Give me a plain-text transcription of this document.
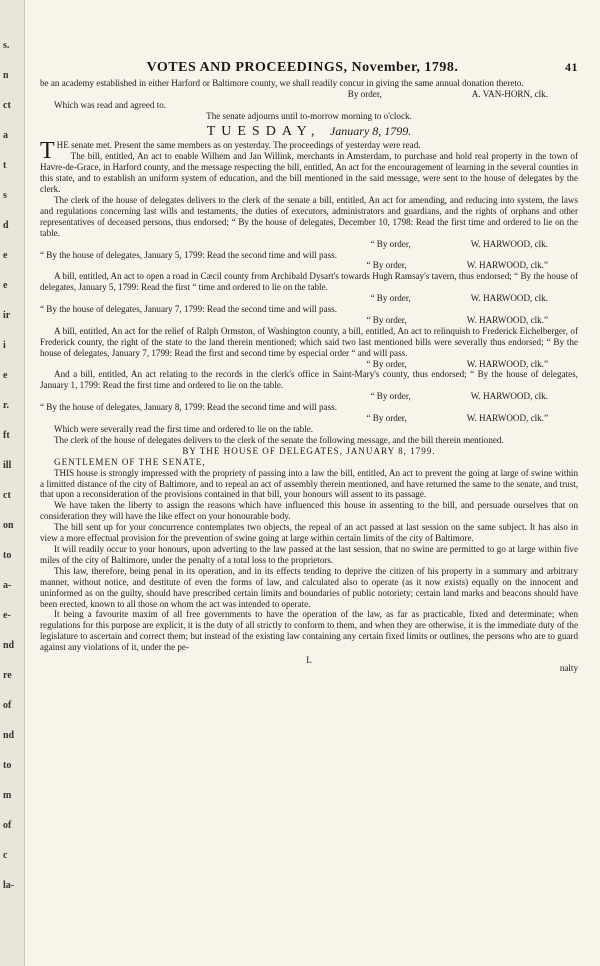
s.
n
ct
a
t
s
d
e
e
ir
i
e
r.
ft
ill
ct
on
to
a-
e-
nd
re
of
nd
to
m
of
c
la-
VOTES AND PROCEEDINGS, November, 1798.	41

be an academy established in either Harford or Baltimore county, we shall readily concur in giving the same annual donation thereto.

By order,	A. VAN-HORN, clk.

Which was read and agreed to.

The senate adjourns until to-morrow morning to o'clock.

TUESDAY, January 8, 1799.

THE senate met. Present the same members as on yesterday. The proceedings of yesterday were read.

The bill, entitled, An act to enable Wilhem and Jan Willink, merchants in Amsterdam, to purchase and hold real property in the town of Havre-de-Grace, in Harford county, and the message respecting the bill, entitled, An act for the encouragement of learning in the several counties in this state, and to establish an uniform system of education, and the bill mentioned in the said message, were sent to the house of delegates by the clerk.

The clerk of the house of delegates delivers to the clerk of the senate a bill, entitled, An act for amending, and reducing into system, the laws and regulations concerning last wills and testaments, the duties of executors, administrators and guardians, and the rights of orphans and other representatives of deceased persons, thus endorsed; “ By the house of delegates, December 10, 1798: Read the first time and ordered to lie on the table.

“ By order,	W. HARWOOD, clk.

“ By the house of delegates, January 5, 1799: Read the second time and will pass.

“ By order,	W. HARWOOD, clk.”

A bill, entitled, An act to open a road in Cæcil county from Archibald Dysart's towards Hugh Ramsay's tavern, thus endorsed; “ By the house of delegates, January 5, 1799: Read the first “ time and ordered to lie on the table.

“ By order,	W. HARWOOD, clk.

“ By the house of delegates, January 7, 1799: Read the second time and will pass.

“ By order,	W. HARWOOD, clk.”

A bill, entitled, An act for the relief of Ralph Ormston, of Washington county, a bill, entitled, An act to relinquish to Frederick Eichelberger, of Frederick county, the right of the state to the land therein mentioned; which said two last mentioned bills were severally thus endorsed; “ By the house of delegates, January 7, 1799: Read the first and second time by especial order “ and will pass.

“ By order,	W. HARWOOD, clk.”

And a bill, entitled, An act relating to the records in the clerk's office in Saint-Mary's county, thus endorsed; “ By the house of delegates, January 1, 1799: Read the first time and ordered to lie on the table.

“ By order,	W. HARWOOD, clk.

“ By the house of delegates, January 8, 1799: Read the second time and will pass.

“ By order,	W. HARWOOD, clk.”

Which were severally read the first time and ordered to lie on the table.

The clerk of the house of delegates delivers to the clerk of the senate the following message, and the bill therein mentioned.

BY THE HOUSE OF DELEGATES, JANUARY 8, 1799.

GENTLEMEN OF THE SENATE,

THIS house is strongly impressed with the propriety of passing into a law the bill, entitled, An act to prevent the going at large of swine within a limitted distance of the city of Baltimore, and to repeal an act of assembly therein mentioned, and have returned the same to the senate, and trust, that upon a reconsideration of the provisions contained in that bill, your honours will assent to its passage.

We have taken the liberty to assign the reasons which have influenced this house in assenting to the bill, and persuade ourselves that on consideration they will have the like effect on your honourable body.

The bill sent up for your concurrence contemplates two objects, the repeal of an act passed at last session on the same subject. It has also in view a more effectual provision for the prevention of swine going at large within certain limits of the city of Baltimore.

It will readily occur to your honours, upon adverting to the law passed at the last session, that no swine are permitted to go at large within five miles of the city of Baltimore, under the penalty of a total loss to the proprietors.

This law, therefore, being penal in its operation, and in its effects tending to deprive the citizen of his property in a summary and arbitrary manner, without notice, and destitute of even the forms of law, and calculated also to operate (as it now exists) equally on the innocent and uninformed as on the guilty, should have prescribed certain limits and boundaries of public notoriety; certain land marks and beacons should have been erected, known to all those on whom the act was intended to operate.

It being a favourite maxim of all free governments to have the operation of the law, as far as practicable, fixed and determinate; when regulations for this purpose are explicit, it is the duty of all strictly to conform to them, and when they are otherwise, it is the immediate duty of the legislature to ascertain and correct them; but instead of the existing law containing any certain fixed limits or outlines, the persons who are to guard against any violations of it, under the pe-

L
nalty
